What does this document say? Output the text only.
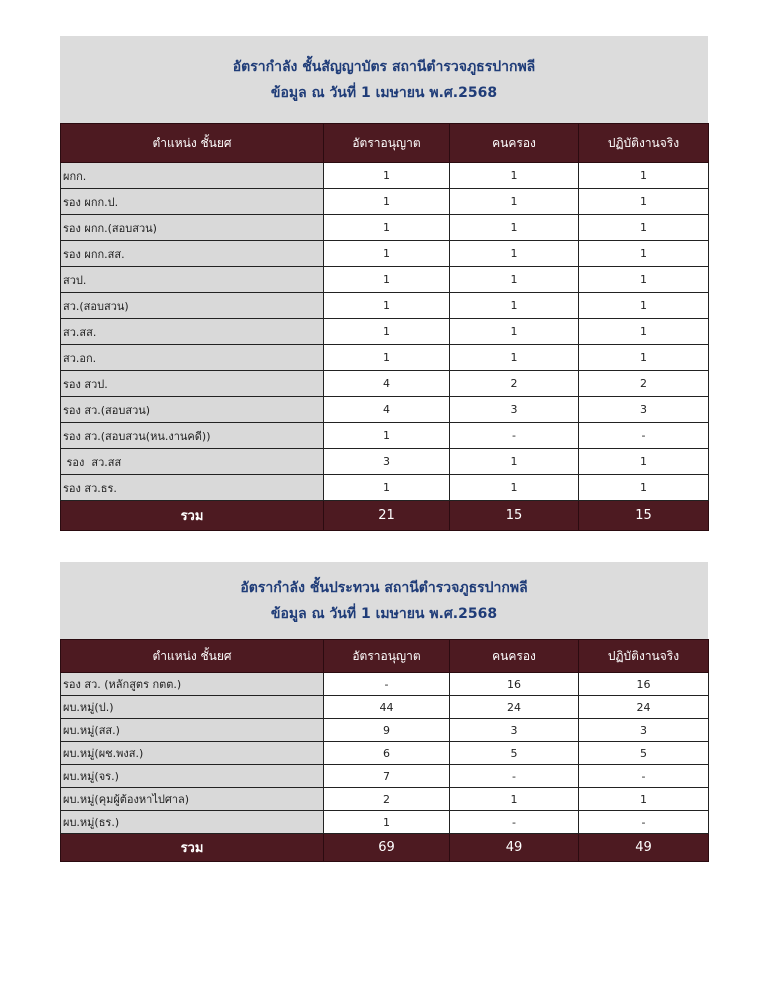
อัตรากำลัง ชั้นสัญญาบัตร สถานีตำรวจภูธรปากพลี
ข้อมูล ณ วันที่ 1 เมษายน พ.ศ.2568
ตำแหน่ง ชั้นยศ	อัตราอนุญาต	คนครอง	ปฏิบัติงานจริง
ผกก.	1	1	1
รอง ผกก.ป.	1	1	1
รอง ผกก.(สอบสวน)	1	1	1
รอง ผกก.สส.	1	1	1
สวป.	1	1	1
สว.(สอบสวน)	1	1	1
สว.สส.	1	1	1
สว.อก.	1	1	1
รอง สวป.	4	2	2
รอง สว.(สอบสวน)	4	3	3
รอง สว.(สอบสวน(หน.งานคดี))	1	-	-
รอง  สว.สส	3	1	1
รอง สว.ธร.	1	1	1
รวม	21	15	15
อัตรากำลัง ชั้นประทวน สถานีตำรวจภูธรปากพลี
ข้อมูล ณ วันที่ 1 เมษายน พ.ศ.2568
ตำแหน่ง ชั้นยศ	อัตราอนุญาต	คนครอง	ปฏิบัติงานจริง
รอง สว. (หลักสูตร กตต.)	-	16	16
ผบ.หมู่(ป.)	44	24	24
ผบ.หมู่(สส.)	9	3	3
ผบ.หมู่(ผช.พงส.)	6	5	5
ผบ.หมู่(จร.)	7	-	-
ผบ.หมู่(คุมผู้ต้องหาไปศาล)	2	1	1
ผบ.หมู่(ธร.)	1	-	-
รวม	69	49	49
